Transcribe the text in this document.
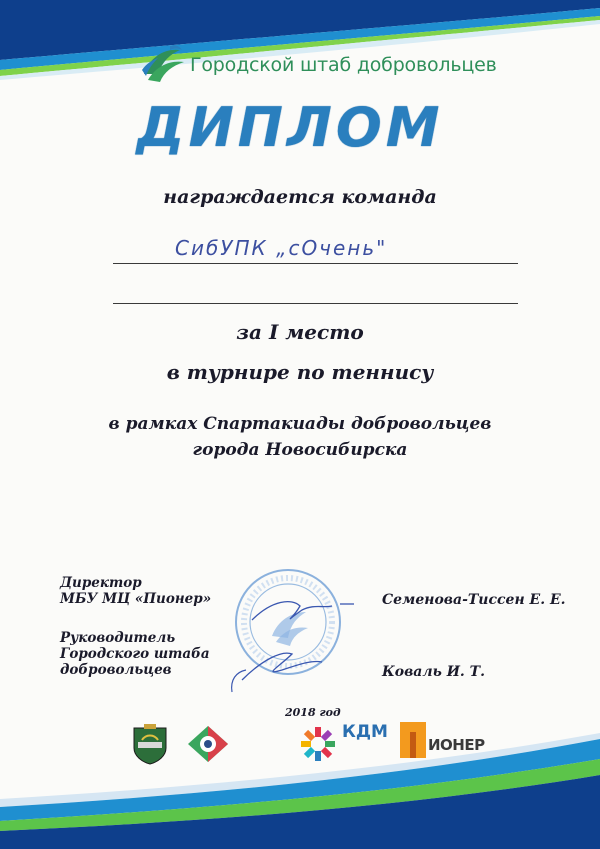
Городской штаб добровольцев
ДИПЛОМ
награждается команда
СибУПК „сОчень"
за I место
в турнире по теннису
в рамках Спартакиады добровольцев
города Новосибирска
Директор
МБУ МЦ «Пионер»	Семенова-Тиссен Е. Е.
Руководитель
Городского штаба
добровольцев	Коваль И. Т.
2018 год
КДМ
ИОНЕР
